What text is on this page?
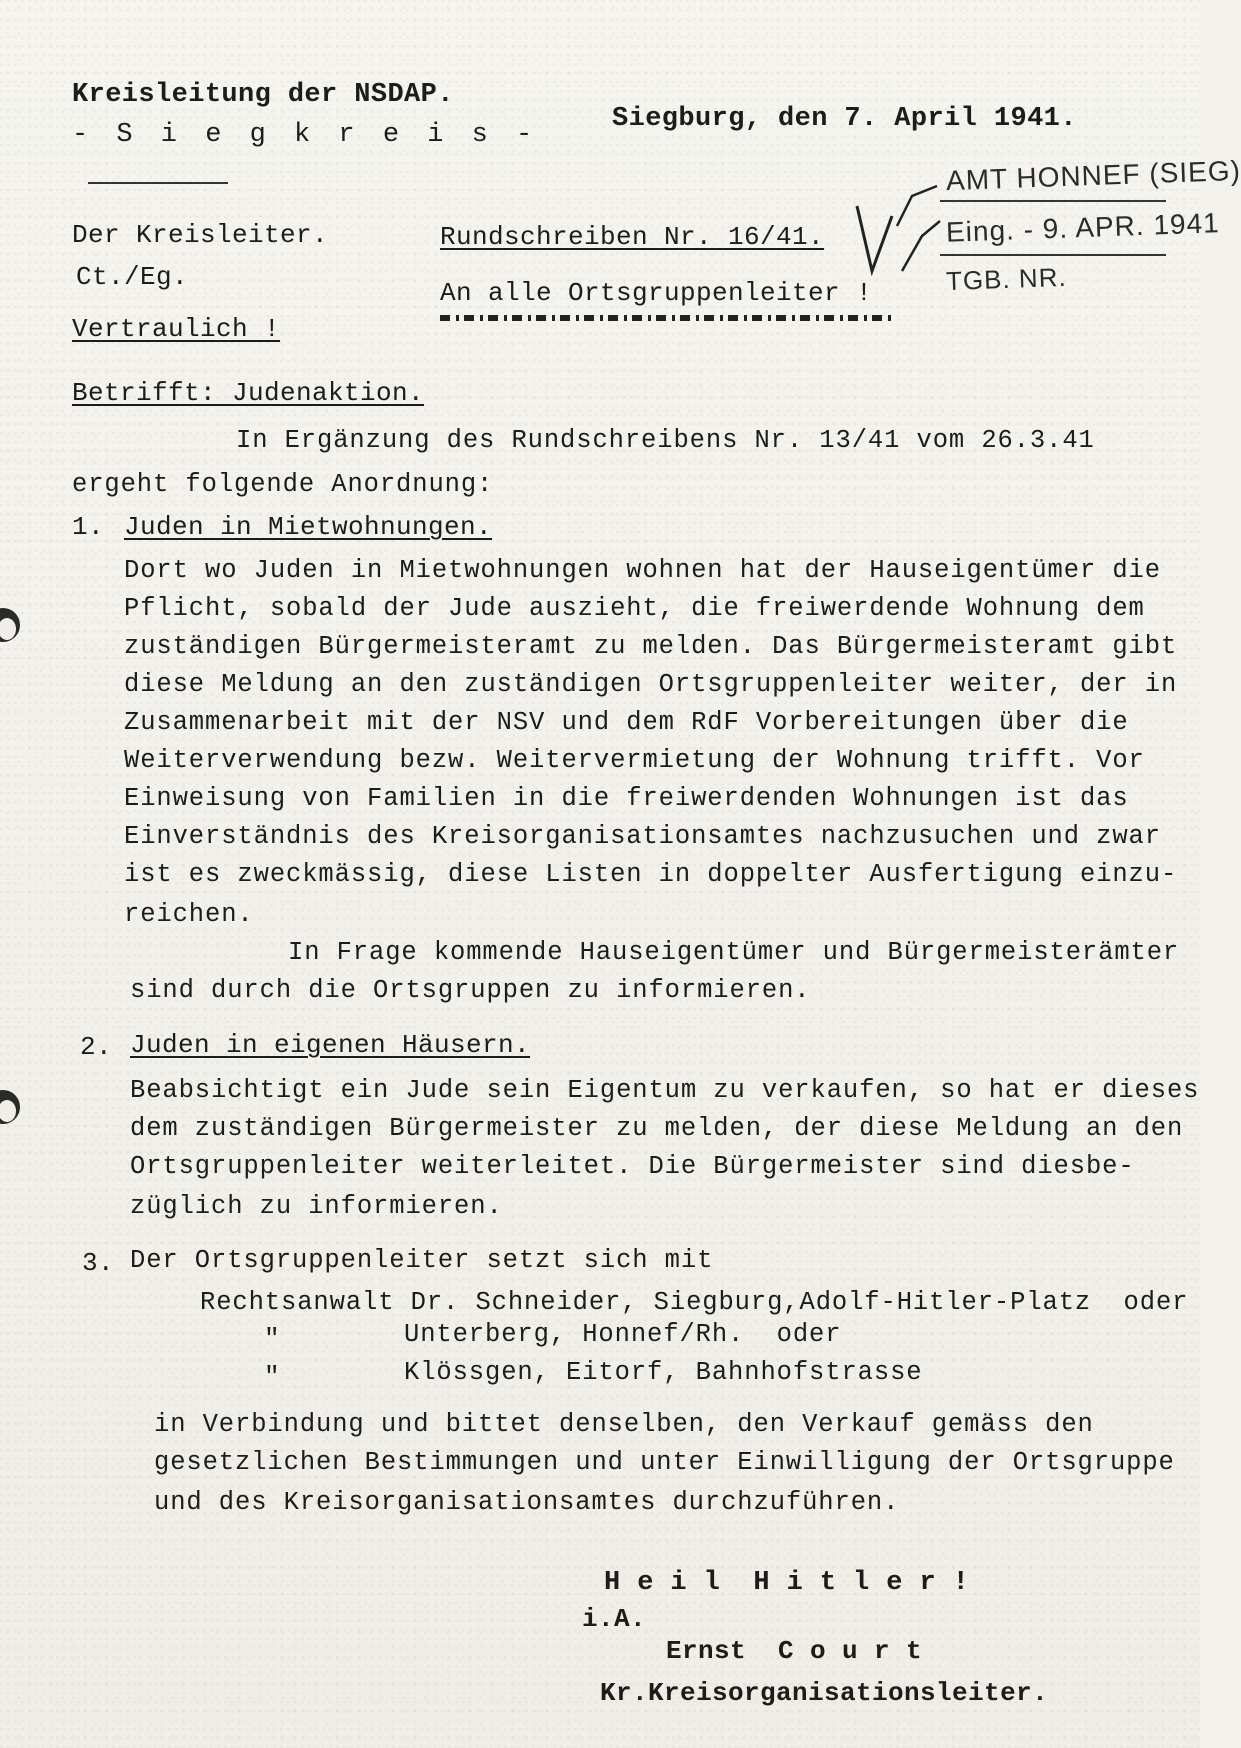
Kreisleitung der NSDAP.
- S i e g k r e i s -
Siegburg, den 7. April 1941.
Der Kreisleiter.
Ct./Eg.
Vertraulich !
Rundschreiben Nr. 16/41.
An alle Ortsgruppenleiter !
AMT HONNEF (SIEG)
Eing. - 9. APR. 1941
TGB. NR.
Betrifft: Judenaktion.
In Ergänzung des Rundschreibens Nr. 13/41 vom 26.3.41
ergeht folgende Anordnung:
1. Juden in Mietwohnungen.
Dort wo Juden in Mietwohnungen wohnen hat der Hauseigentümer die
Pflicht, sobald der Jude auszieht, die freiwerdende Wohnung dem
zuständigen Bürgermeisteramt zu melden. Das Bürgermeisteramt gibt
diese Meldung an den zuständigen Ortsgruppenleiter weiter, der in
Zusammenarbeit mit der NSV und dem RdF Vorbereitungen über die
Weiterverwendung bezw. Weitervermietung der Wohnung trifft. Vor
Einweisung von Familien in die freiwerdenden Wohnungen ist das
Einverständnis des Kreisorganisationsamtes nachzusuchen und zwar
ist es zweckmässig, diese Listen in doppelter Ausfertigung einzu-
reichen.
In Frage kommende Hauseigentümer und Bürgermeisterämter
sind durch die Ortsgruppen zu informieren.
2. Juden in eigenen Häusern.
Beabsichtigt ein Jude sein Eigentum zu verkaufen, so hat er dieses
dem zuständigen Bürgermeister zu melden, der diese Meldung an den
Ortsgruppenleiter weiterleitet. Die Bürgermeister sind diesbe-
züglich zu informieren.
3. Der Ortsgruppenleiter setzt sich mit
Rechtsanwalt Dr. Schneider, Siegburg,Adolf-Hitler-Platz  oder
"	Unterberg, Honnef/Rh.  oder
"	Klössgen, Eitorf, Bahnhofstrasse
in Verbindung und bittet denselben, den Verkauf gemäss den
gesetzlichen Bestimmungen und unter Einwilligung der Ortsgruppe
und des Kreisorganisationsamtes durchzuführen.
H e i l  H i t l e r !
i.A.
Ernst  C o u r t
Kr.Kreisorganisationsleiter.
